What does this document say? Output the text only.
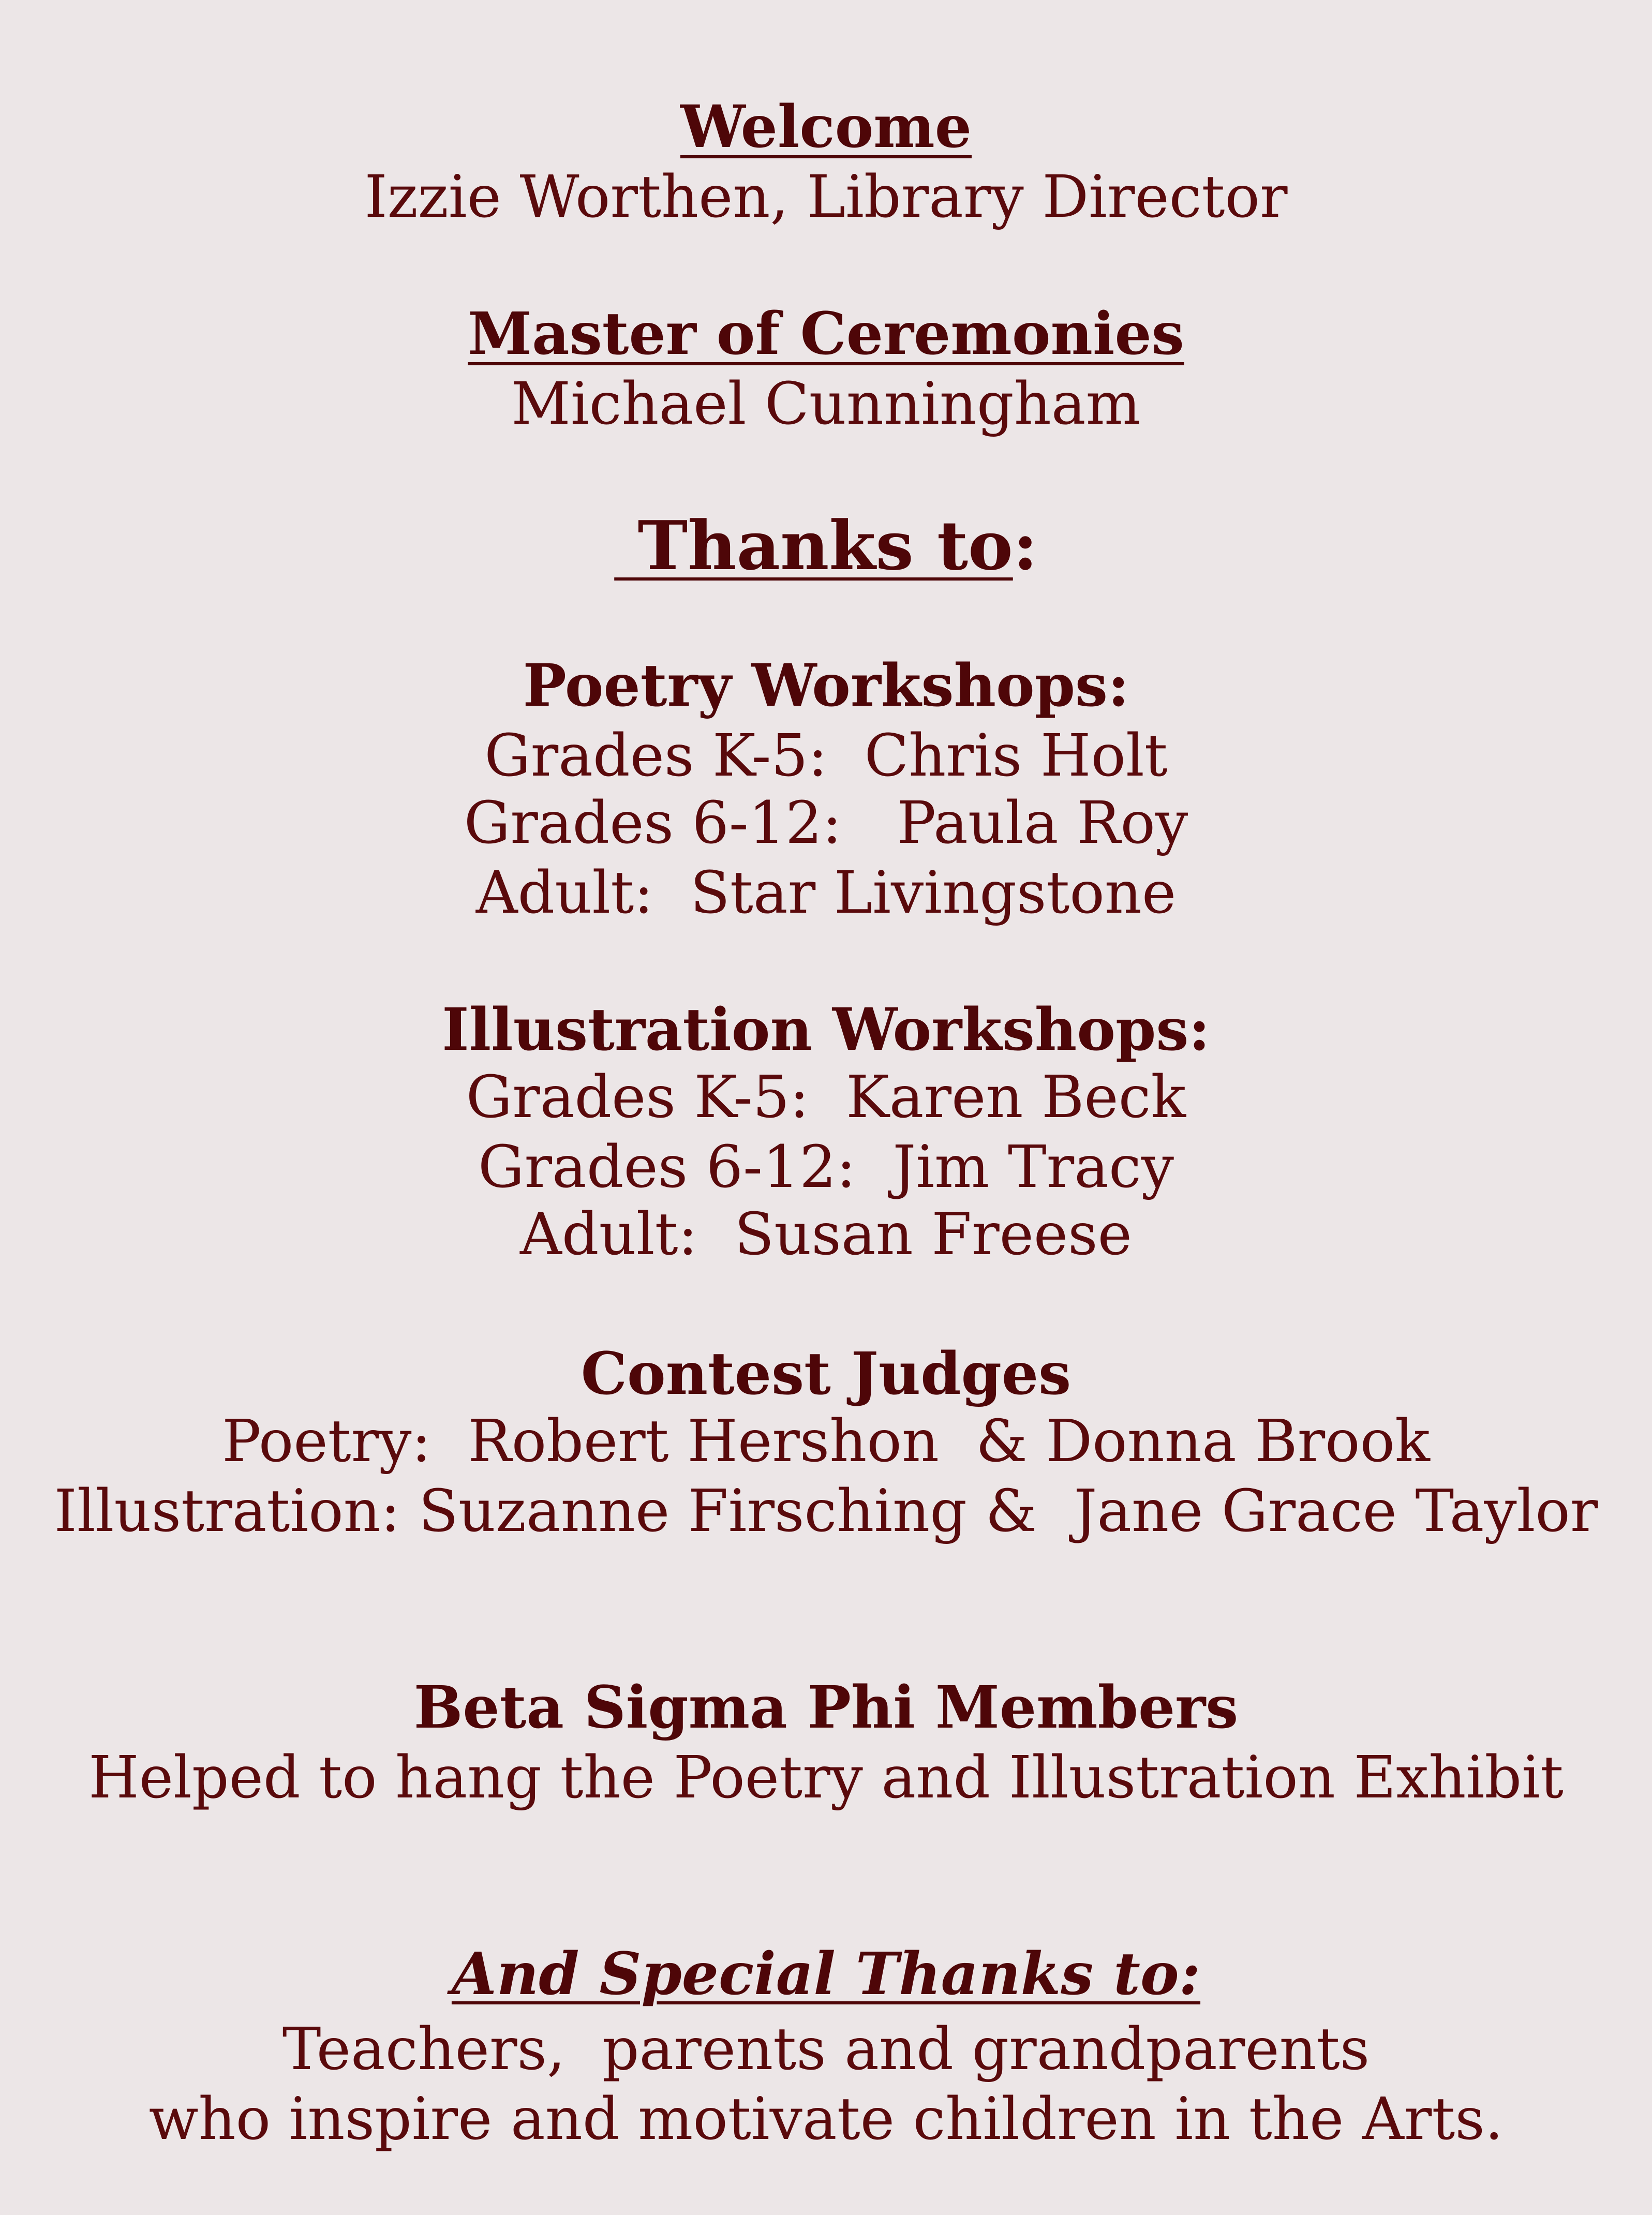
Welcome
Izzie Worthen, Library Director
Master of Ceremonies
Michael Cunningham
Thanks to:
Poetry Workshops:
Grades K-5:  Chris Holt
Grades 6-12:   Paula Roy
Adult:  Star Livingstone
Illustration Workshops:
Grades K-5:  Karen Beck
Grades 6-12:  Jim Tracy
Adult:  Susan Freese
Contest Judges
Poetry:  Robert Hershon  & Donna Brook
Illustration: Suzanne Firsching &  Jane Grace Taylor
Beta Sigma Phi Members
Helped to hang the Poetry and Illustration Exhibit
And Special Thanks to:
Teachers,  parents and grandparents
who inspire and motivate children in the Arts.
